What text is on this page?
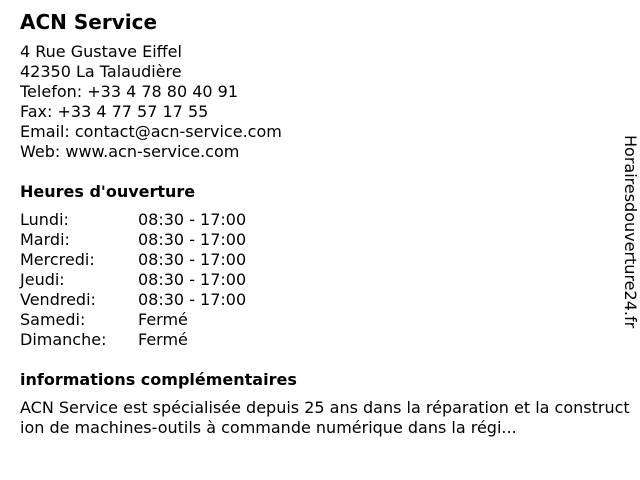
ACN Service
4 Rue Gustave Eiffel
42350 La Talaudière
Telefon: +33 4 78 80 40 91
Fax: +33 4 77 57 17 55
Email: contact@acn-service.com
Web: www.acn-service.com
Heures d'ouverture
Lundi:	08:30 - 17:00
Mardi:	08:30 - 17:00
Mercredi:	08:30 - 17:00
Jeudi:	08:30 - 17:00
Vendredi:	08:30 - 17:00
Samedi:	Fermé
Dimanche:	Fermé
informations complémentaires
ACN Service est spécialisée depuis 25 ans dans la réparation et la construction de machines-outils à commande numérique dans la régi...
Horairesdouverture24.fr
